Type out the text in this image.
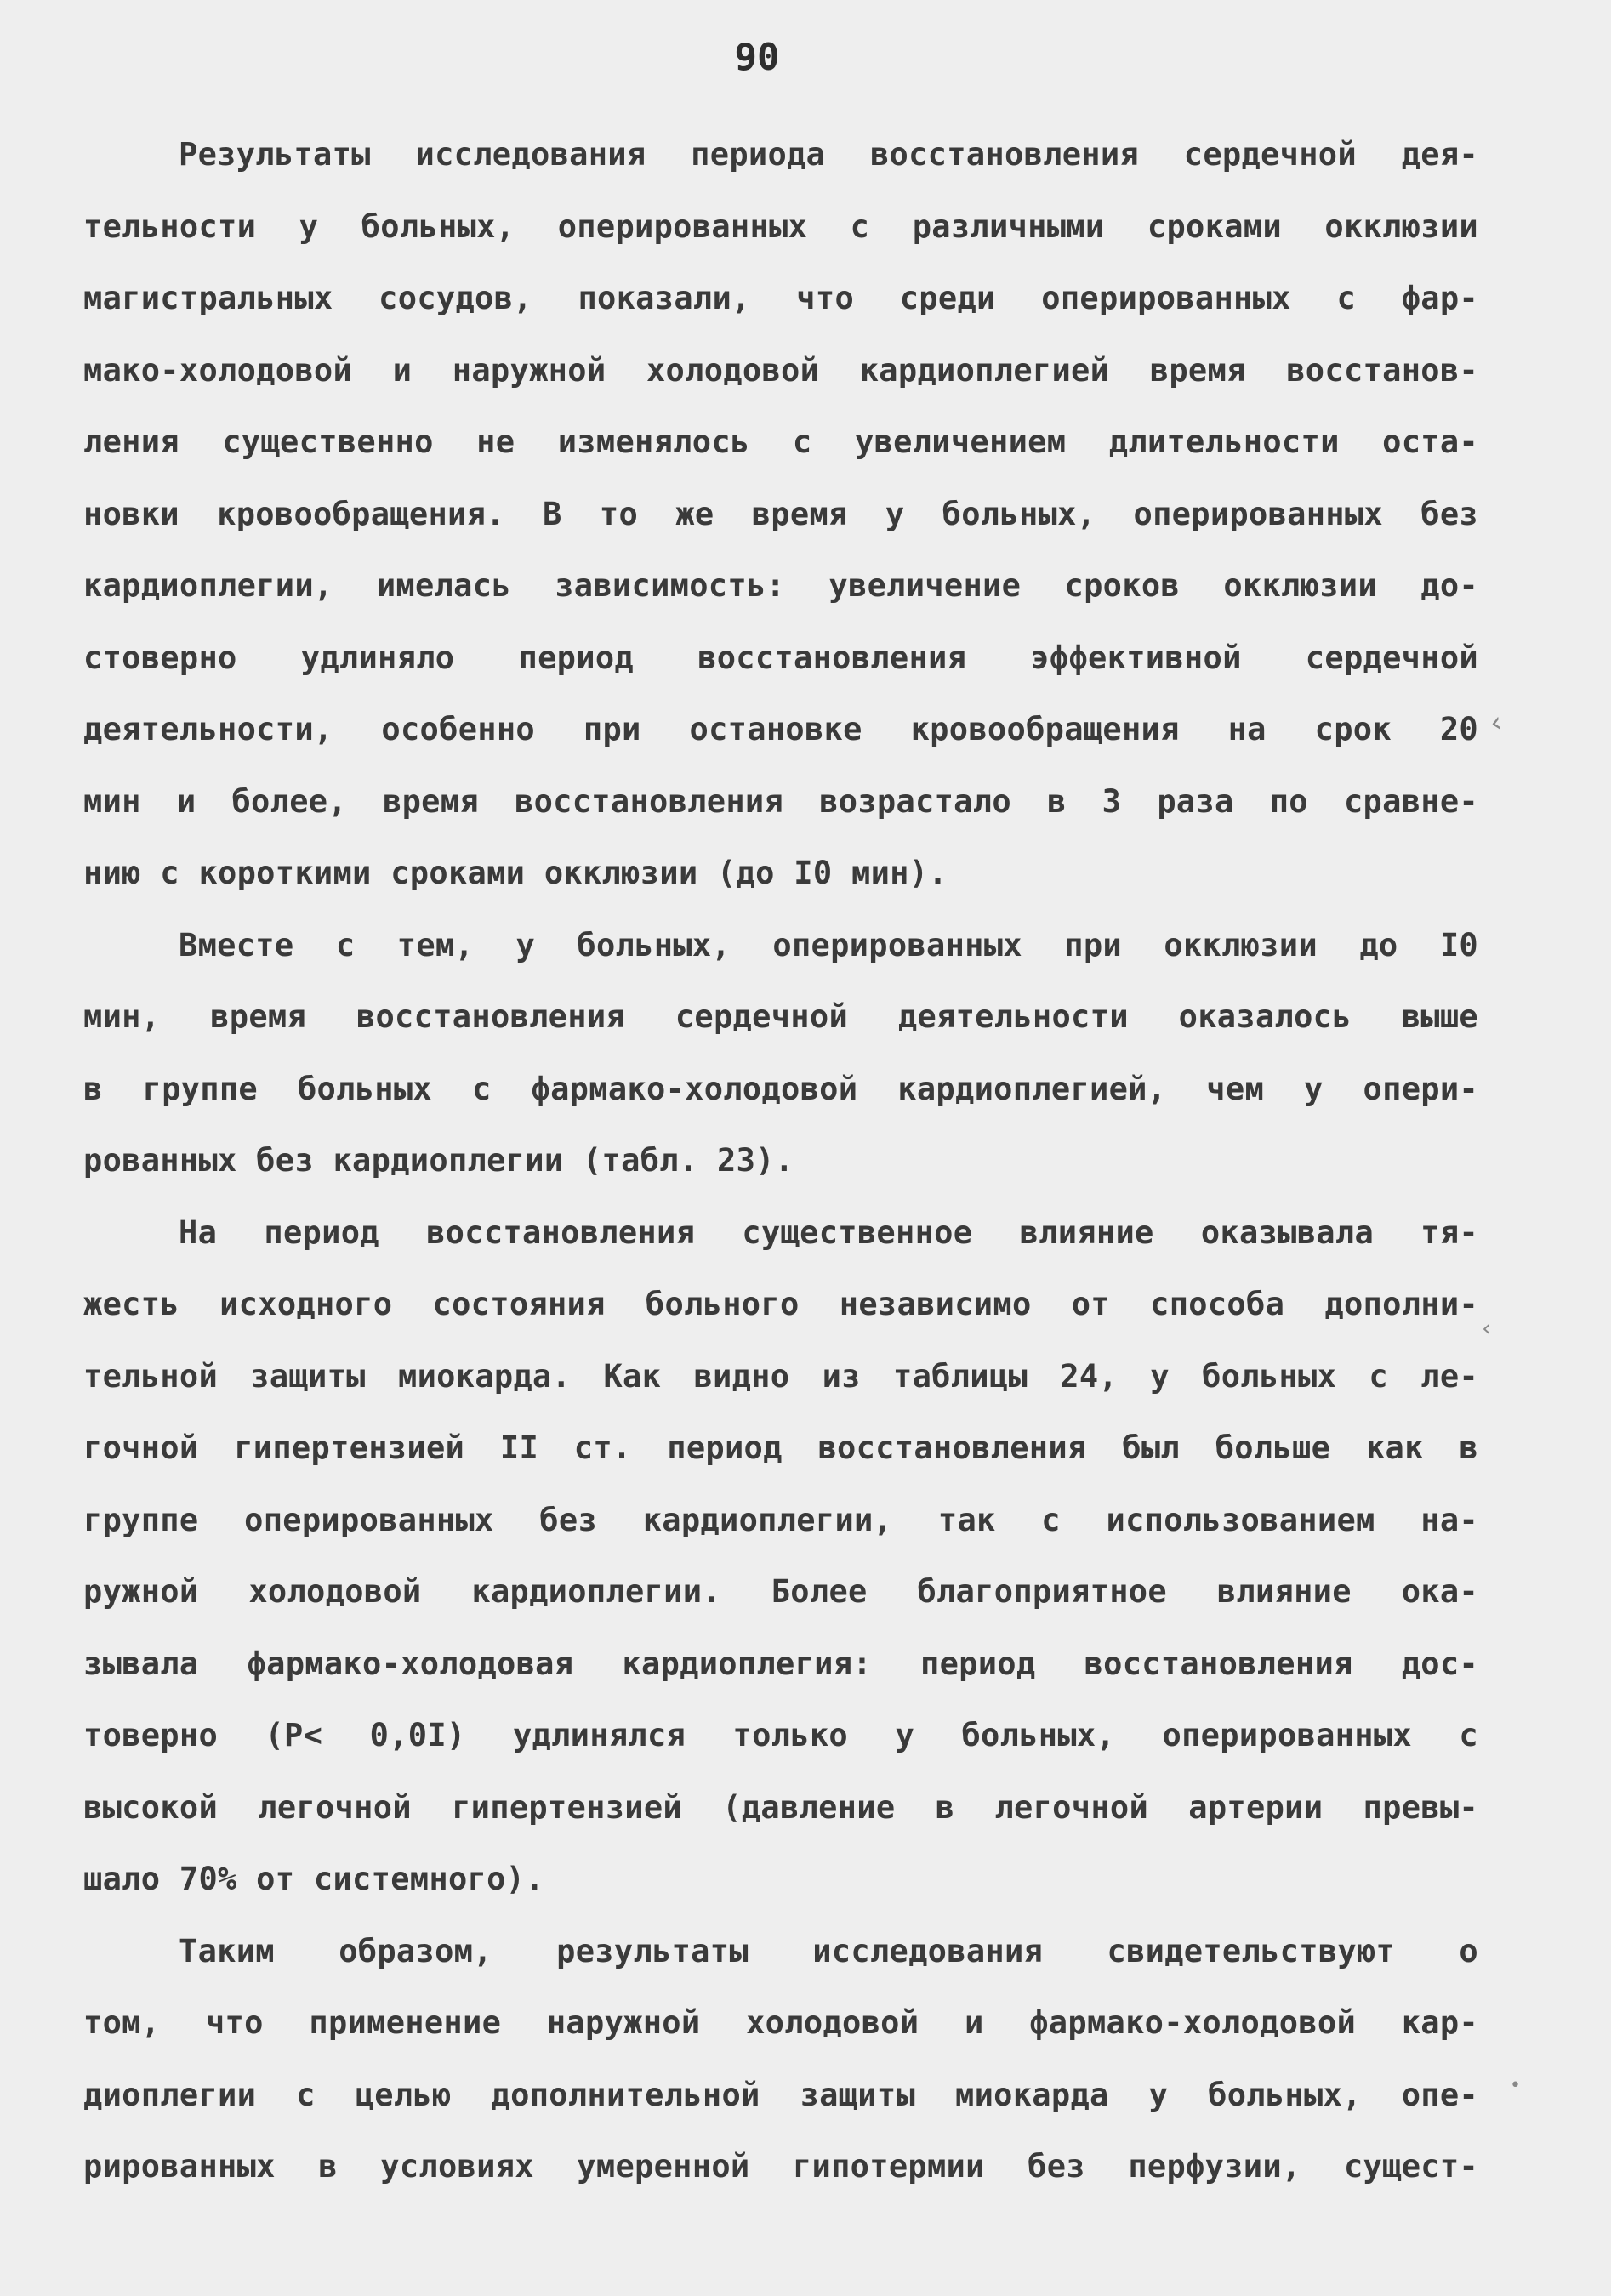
90
Результаты исследования периода восстановления сердечной дея-
тельности у больных, оперированных с различными сроками окклюзии
магистральных сосудов, показали, что среди оперированных с фар-
мако-холодовой и наружной холодовой кардиоплегией время восстанов-
ления существенно не изменялось с увеличением длительности оста-
новки кровообращения. В то же время у больных, оперированных без
кардиоплегии, имелась зависимость: увеличение сроков окклюзии до-
стоверно удлиняло период восстановления эффективной сердечной
деятельности, особенно при остановке кровообращения на срок 20
мин и более, время восстановления возрастало в 3 раза по сравне-
нию с короткими сроками окклюзии (до I0 мин).
Вместе с тем, у больных, оперированных при окклюзии до I0
мин, время восстановления сердечной деятельности оказалось выше
в группе больных с фармако-холодовой кардиоплегией, чем у опери-
рованных без кардиоплегии (табл. 23).
На период восстановления существенное влияние оказывала тя-
жесть исходного состояния больного независимо от способа дополни-
тельной защиты миокарда. Как видно из таблицы 24, у больных с ле-
гочной гипертензией II ст. период восстановления был больше как в
группе оперированных без кардиоплегии, так с использованием на-
ружной холодовой кардиоплегии. Более благоприятное влияние ока-
зывала фармако-холодовая кардиоплегия: период восстановления дос-
товерно (P< 0,0I) удлинялся только у больных, оперированных с
высокой легочной гипертензией (давление в легочной артерии превы-
шало 70% от системного).
Таким образом, результаты исследования свидетельствуют о
том, что применение наружной холодовой и фармако-холодовой кар-
диоплегии с целью дополнительной защиты миокарда у больных, опе-
рированных в условиях умеренной гипотермии без перфузии, сущест-
‹
‹
•
